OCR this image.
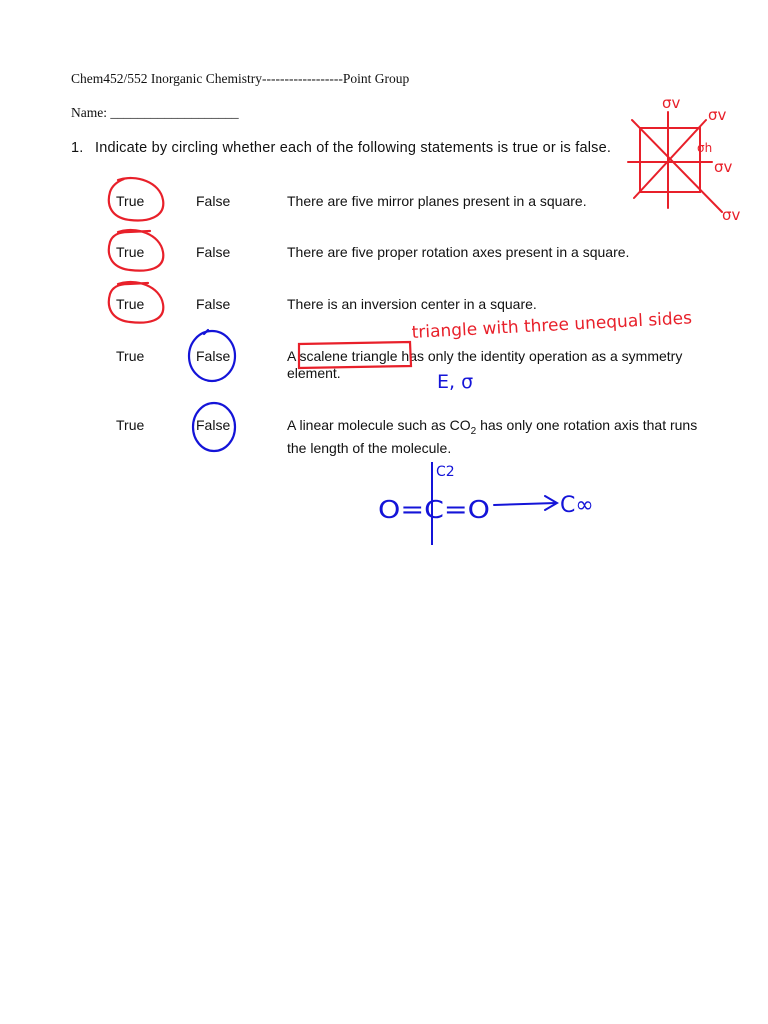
Chem452/552 Inorganic Chemistry------------------Point Group
Name: ___________________
1. Indicate by circling whether each of the following statements is true or is false.
True	False	There are five mirror planes present in a square.
True	False	There are five proper rotation axes present in a square.
True	False	There is an inversion center in a square.
True	False	A scalene triangle has only the identity operation as a symmetry element.
True	False	A linear molecule such as $CO_2$ has only one rotation axis that runs the length of the molecule.
σv
σv
σh
σv
σv
triangle with three unequal sides
E, σ
C2
O=C=O	C∞
